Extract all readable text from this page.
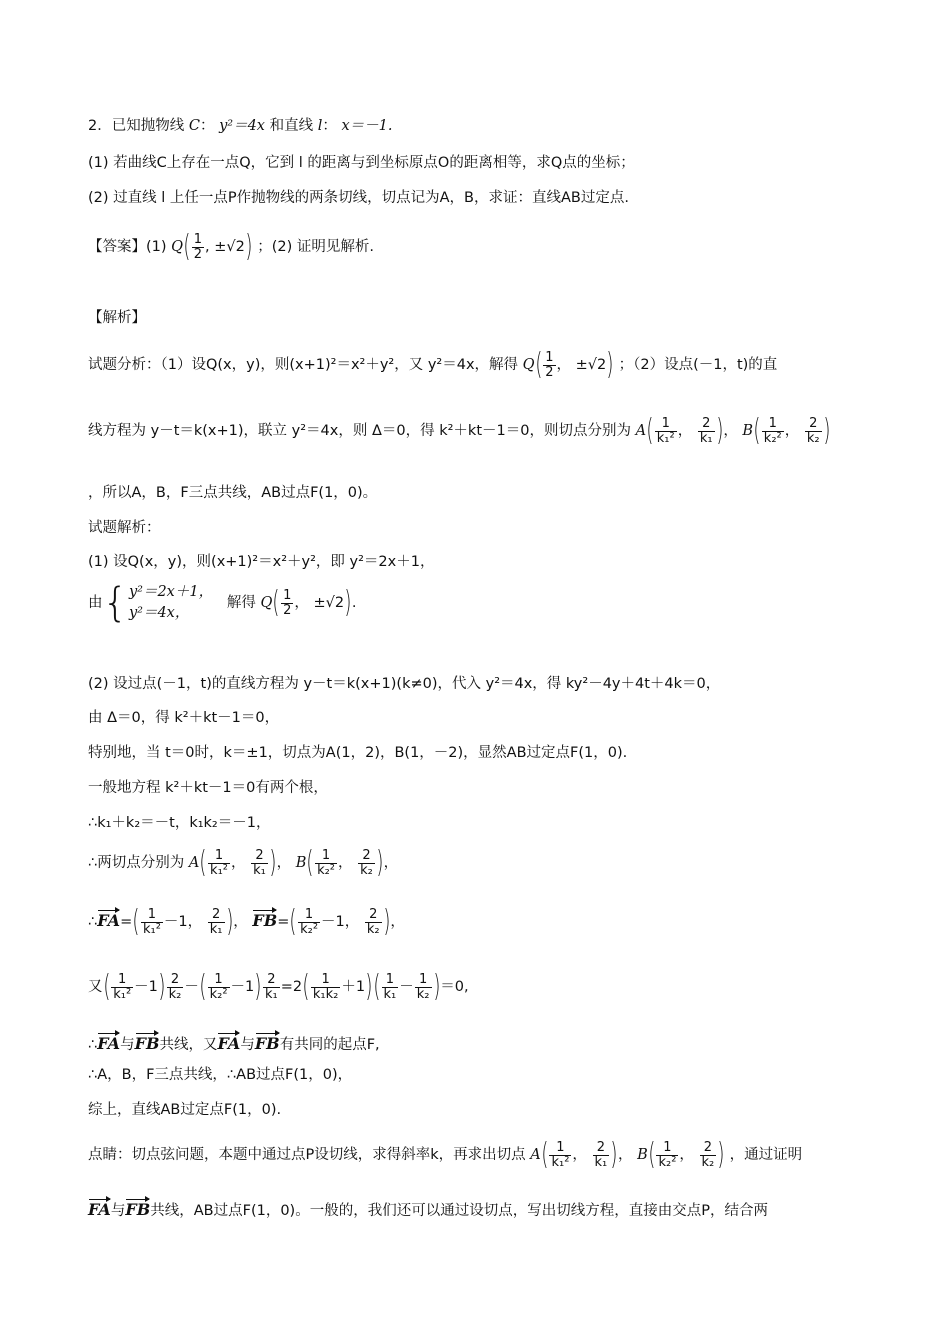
2．已知抛物线 C： y²＝4x 和直线 l： x＝－1.
(1) 若曲线C上存在一点Q，它到 l 的距离与到坐标原点O的距离相等，求Q点的坐标；
(2) 过直线 l 上任一点P作抛物线的两条切线，切点记为A，B，求证：直线AB过定点.
【答案】(1) $Q( \frac{1}{2}$ , ±√2) ；(2) 证明见解析.
【解析】
试题分析：（1）设Q(x，y)，则(x+1)²＝x²＋y²，又 y²＝4x，解得 $Q( \frac{1}{2}$ ， ±√2) ；（2）设点(－1，t)的直
线方程为 y－t＝k(x+1)，联立 y²＝4x，则 Δ＝0，得 k²＋kt－1＝0，则切点分别为 $A( \frac{1}{\text{k₁²}}$ ， $\frac{2}{\text{k₁}}$ )， $B( \frac{1}{\text{k₂²}}$ ， $\frac{2}{\text{k₂}}$ )
，所以A，B，F三点共线，AB过点F(1，0)。
试题解析：
(1) 设Q(x，y)，则(x+1)²＝x²＋y²，即 y²＝2x＋1，
由{y²＝2x＋1，
y²＝4x，   解得 $Q( \frac{1}{2}$ ， ±√2).
(2) 设过点(－1，t)的直线方程为 y－t＝k(x+1)(k≠0)，代入 y²＝4x，得 ky²－4y＋4t＋4k＝0，
由 Δ＝0，得 k²＋kt－1＝0，
特别地，当 t＝0时，k＝±1，切点为A(1，2)，B(1，－2)，显然AB过定点F(1，0).
一般地方程 k²＋kt－1＝0有两个根，
∴k₁＋k₂＝－t，k₁k₂＝－1，
∴两切点分别为 $A( \frac{1}{\text{k₁²}}$ ， $\frac{2}{\text{k₁}}$ )， $B( \frac{1}{\text{k₂²}}$ ， $\frac{2}{\text{k₂}}$ )，
∴FA=( $\frac{1}{\text{k₁²}} -1$， $\frac{2}{\text{k₁}}$ )， $FB=( \frac{1}{\text{k₂²}} -1$， $\frac{2}{\text{k₂}}$ )，
又( $\frac{1}{\text{k₁²}} -1) \frac{2}{\text{k₂}}$ －( $\frac{1}{\text{k₂²}} -1) \frac{2}{\text{k₁}} =2( \frac{1}{\text{k₁k₂}} +1)( \frac{1}{\text{k₁}} - \frac{1}{\text{k₂}} )=0$,
∴FA与FB共线，又FA与FB有共同的起点F,
∴A，B，F三点共线，∴AB过点F(1，0)，
综上，直线AB过定点F(1，0).
点睛：切点弦问题，本题中通过点P设切线，求得斜率k，再求出切点 $A( \frac{1}{\text{k₁²}}$ ， $\frac{2}{\text{k₁}}$ )， $B( \frac{1}{\text{k₂²}}$ ， $\frac{2}{\text{k₂}}$ ) ，通过证明
FA与FB共线，AB过点F(1，0)。一般的，我们还可以通过设切点，写出切线方程，直接由交点P，结合两
